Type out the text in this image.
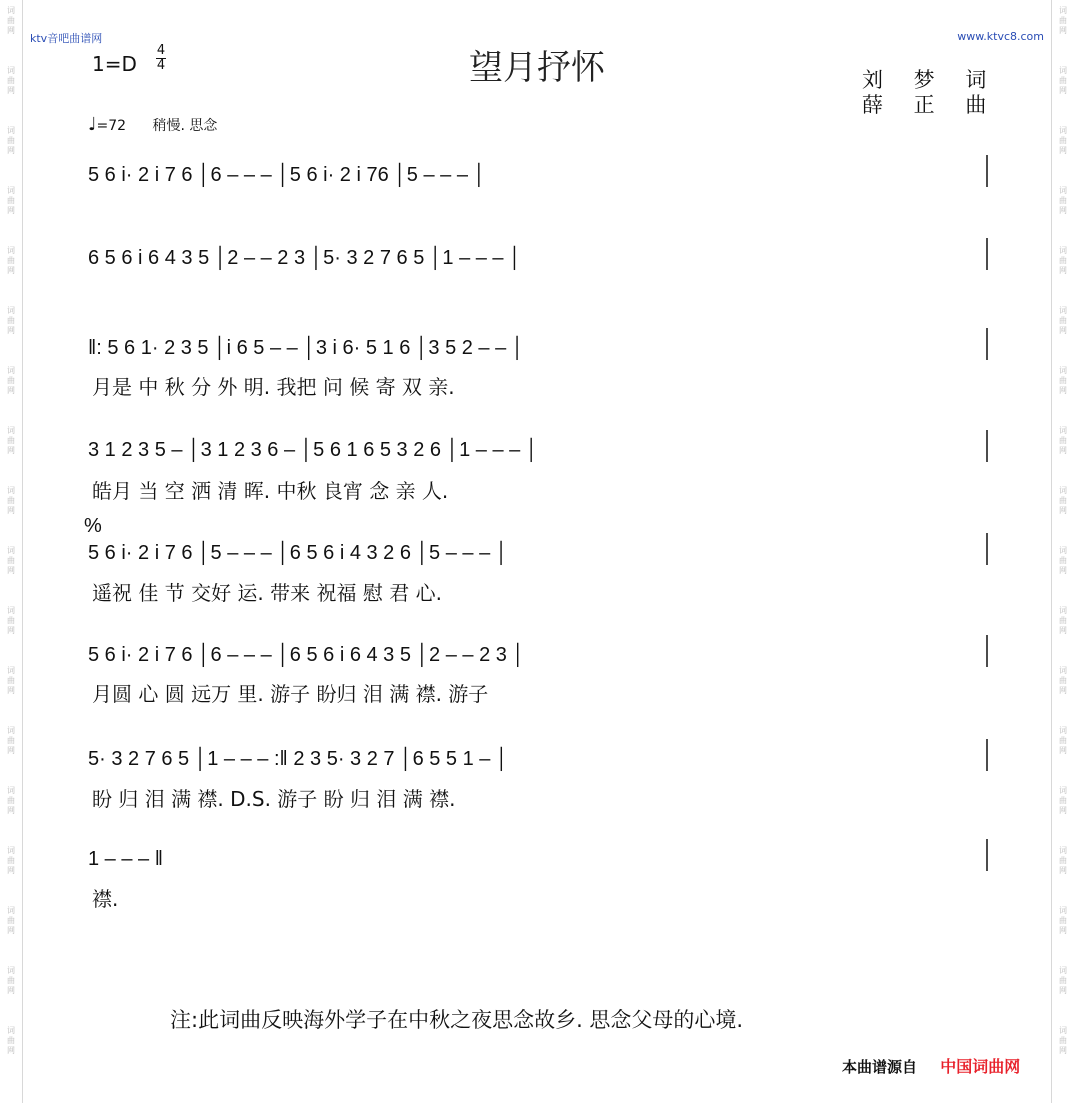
词
曲
网
词
曲
网
词
曲
网
词
曲
网
词
曲
网
词
曲
网
词
曲
网
词
曲
网
词
曲
网
词
曲
网
词
曲
网
词
曲
网
词
曲
网
词
曲
网
词
曲
网
词
曲
网
词
曲
网
词
曲
网
词
曲
网
词
曲
网
词
曲
网
词
曲
网
词
曲
网
词
曲
网
词
曲
网
词
曲
网
词
曲
网
词
曲
网
词
曲
网
词
曲
网
词
曲
网
词
曲
网
词
曲
网
词
曲
网
词
曲
网
词
曲
网
ktv音吧曲谱网	www.ktvc8.com
望月抒怀
1=D
4
4
刘 梦 词
薛 正 曲
♩=72 稍慢. 思念
5 6 i· 2 i 7 6 │6 – – – │5 6 i· 2 i 76 │5 – – – │
6 5 6 i 6 4 3 5 │2 – – 2 3 │5· 3 2 7 6 5 │1 – – – │
‖: 5 6 1· 2 3 5 │i 6 5 – – │3 i 6· 5 1 6 │3 5 2 – – │
月是 中 秋 分 外 明. 我把 问 候 寄 双 亲.
3 1 2 3 5 – │3 1 2 3 6 – │5 6 1 6 5 3 2 6 │1 – – – │
皓月 当 空 洒 清 晖. 中秋 良宵 念 亲 人.
5 6 i· 2 i 7 6 │5 – – – │6 5 6 i 4 3 2 6 │5 – – – │
遥祝 佳 节 交好 运. 带来 祝福 慰 君 心.
5 6 i· 2 i 7 6 │6 – – – │6 5 6 i 6 4 3 5 │2 – – 2 3 │
月圆 心 圆 远万 里. 游子 盼归 泪 满 襟. 游子
5· 3 2 7 6 5 │1 – – – :‖ 2 3 5· 3 2 7 │6 5 5 1 – │
盼 归 泪 满 襟. D.S. 游子 盼 归 泪 满 襟.
1 – – – ‖
襟.
%
注:此词曲反映海外学子在中秋之夜思念故乡. 思念父母的心境.
本曲谱源自 中国词曲网
